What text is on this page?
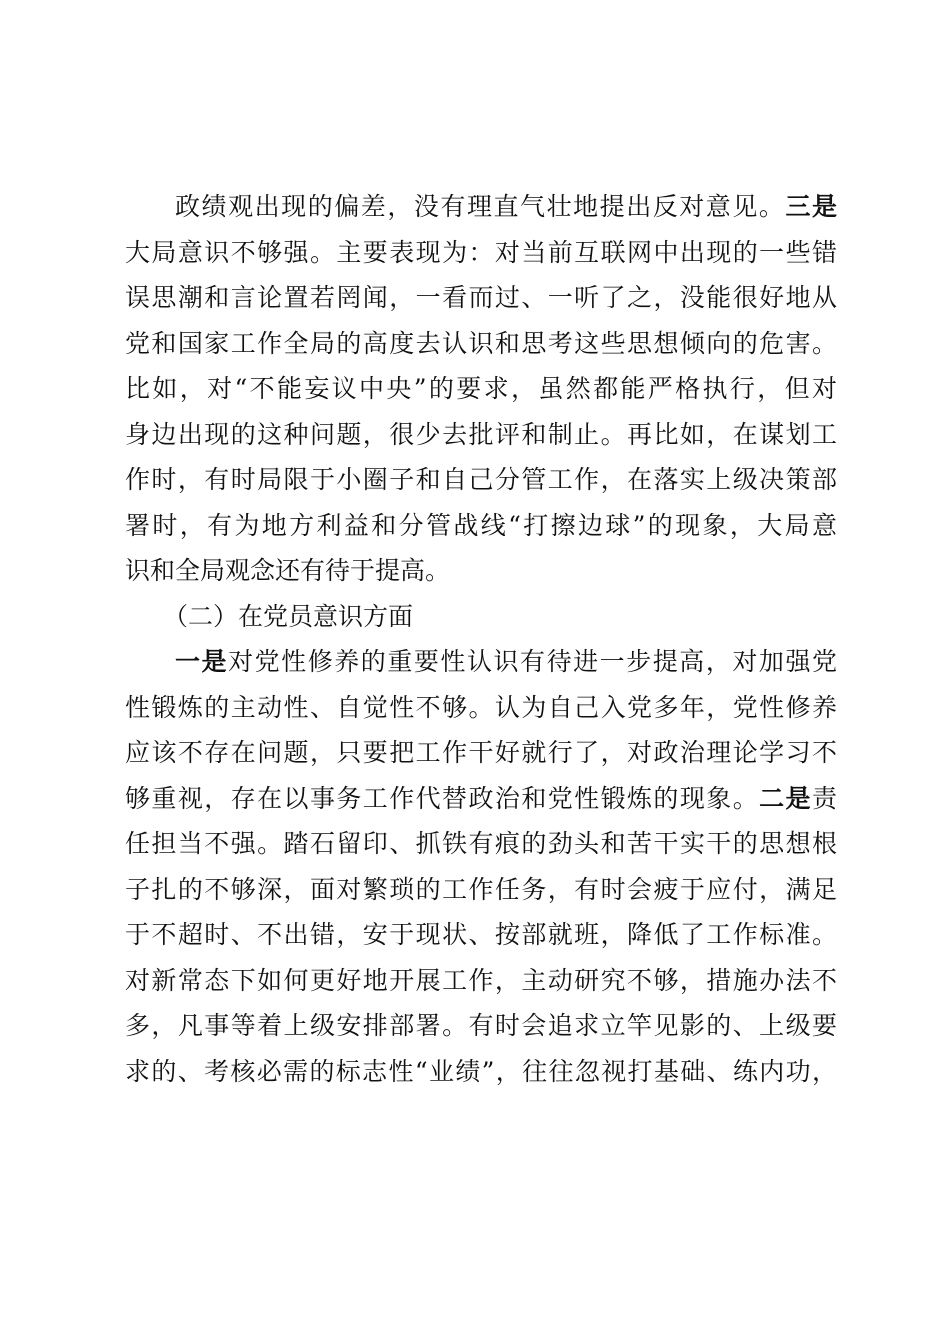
政绩观出现的偏差，没有理直气壮地提出反对意见。三是
大局意识不够强。主要表现为：对当前互联网中出现的一些错
误思潮和言论置若罔闻，一看而过、一听了之，没能很好地从
党和国家工作全局的高度去认识和思考这些思想倾向的危害。
比如，对“不能妄议中央”的要求，虽然都能严格执行，但对
身边出现的这种问题，很少去批评和制止。再比如，在谋划工
作时，有时局限于小圈子和自己分管工作，在落实上级决策部
署时，有为地方利益和分管战线“打擦边球”的现象，大局意
识和全局观念还有待于提高。
（二）在党员意识方面
一是对党性修养的重要性认识有待进一步提高，对加强党
性锻炼的主动性、自觉性不够。认为自己入党多年，党性修养
应该不存在问题，只要把工作干好就行了，对政治理论学习不
够重视，存在以事务工作代替政治和党性锻炼的现象。二是责
任担当不强。踏石留印、抓铁有痕的劲头和苦干实干的思想根
子扎的不够深，面对繁琐的工作任务，有时会疲于应付，满足
于不超时、不出错，安于现状、按部就班，降低了工作标准。
对新常态下如何更好地开展工作，主动研究不够，措施办法不
多，凡事等着上级安排部署。有时会追求立竿见影的、上级要
求的、考核必需的标志性“业绩”，往往忽视打基础、练内功，
